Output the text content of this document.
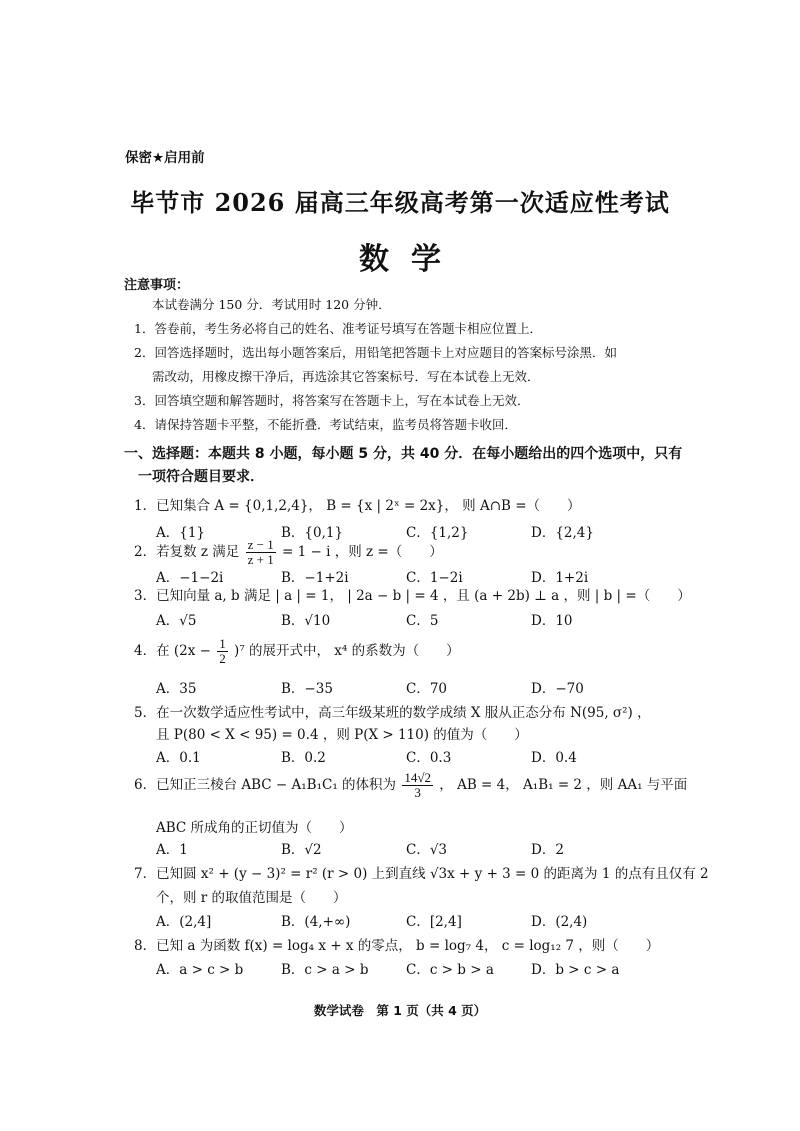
保密★启用前
毕节市 2026 届高三年级高考第一次适应性考试
数学
注意事项：
本试卷满分 150 分．考试用时 120 分钟．
1．答卷前，考生务必将自己的姓名、准考证号填写在答题卡相应位置上．
2．回答选择题时，选出每小题答案后，用铅笔把答题卡上对应题目的答案标号涂黑．如
需改动，用橡皮擦干净后，再选涂其它答案标号．写在本试卷上无效．
3．回答填空题和解答题时，将答案写在答题卡上，写在本试卷上无效．
4．请保持答题卡平整，不能折叠．考试结束，监考员将答题卡收回．
一、选择题：本题共 8 小题，每小题 5 分，共 40 分．在每小题给出的四个选项中，只有
一项符合题目要求．
1．已知集合 A = {0,1,2,4}， B = {x | 2ˣ = 2x}， 则 A∩B =（　　）
A．{1}	B．{0,1}	C．{1,2}	D．{2,4}
2．若复数 z 满足 $\frac{z - 1}{z + 1} = 1 - i$ ，则 z =（　　）
A．−1−2i	B．−1+2i	C．1−2i	D．1+2i
3．已知向量 a, b 满足 | a | = 1， | 2a − b | = 4 ，且 (a + 2b) ⊥ a ，则 | b | =（　　）
A．√5	B．√10	C．5	D．10
4．在 $(2x - \frac{1}{2} )^7$ 的展开式中， x⁴ 的系数为（　　）
A．35	B．−35	C．70	D．−70
5．在一次数学适应性考试中，高三年级某班的数学成绩 X 服从正态分布 N(95, σ²) ，
且 P(80 < X < 95) = 0.4 ，则 P(X > 110) 的值为（　　）
A．0.1	B．0.2	C．0.3	D．0.4
6．已知正三棱台 ABC − A₁B₁C₁ 的体积为 $\frac{14√2}{3}$ ， AB = 4， A₁B₁ = 2 ，则 AA₁ 与平面
ABC 所成角的正切值为（　　）
A．1	B．√2	C．√3	D．2
7．已知圆 x² + (y − 3)² = r² (r > 0) 上到直线 √3x + y + 3 = 0 的距离为 1 的点有且仅有 2
个，则 r 的取值范围是（　　）
A．(2,4]	B．(4,+∞)	C．[2,4]	D．(2,4)
8．已知 a 为函数 f(x) = log₄ x + x 的零点， b = log₇ 4， c = log₁₂ 7 ，则（　　）
A．a > c > b	B．c > a > b	C．c > b > a	D．b > c > a
数学试卷　第 1 页（共 4 页）
